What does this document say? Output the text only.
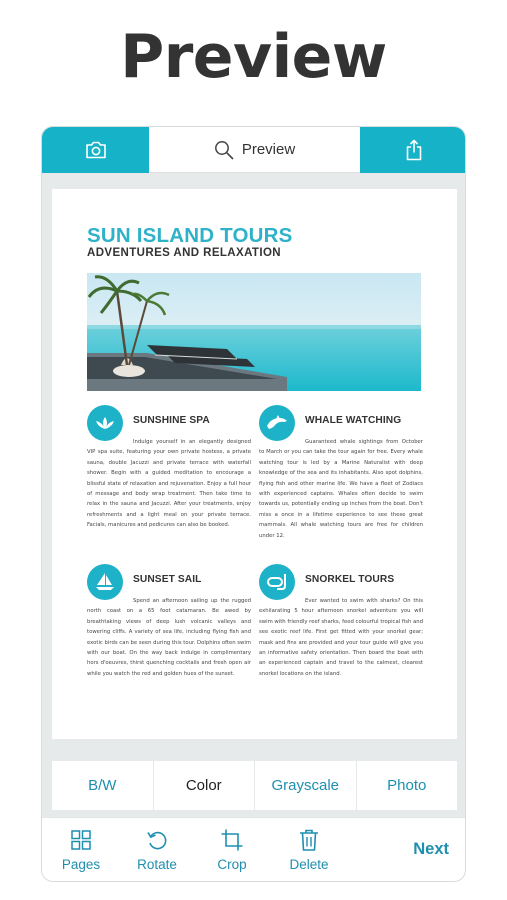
Preview
Preview
SUN ISLAND TOURS
ADVENTURES AND RELAXATION
SUNSHINE SPA
Indulge yourself in an elegantly designed VIP spa suite, featuring your own private hostess, a private sauna, double Jacuzzi and private terrace with waterfall shower. Begin with a guided meditation to encourage a blissful state of relaxation and rejuvenation. Enjoy a full hour of message and body wrap treatment. Then take time to relax in the sauna and Jacuzzi. After your treatments, enjoy refreshments and a light meal on your private terrace. Facials, manicures and pedicures can also be booked.
WHALE WATCHING
Guaranteed whale sightings from October to March or you can take the tour again for free. Every whale watching tour is led by a Marine Naturalist with deep knowledge of the sea and its inhabitants. Also spot dolphins, flying fish and other marine life. We have a fleet of Zodiacs with experienced captains. Whales often decide to swim towards us, potentially ending up inches from the boat. Don't miss a once in a lifetime experience to see these great mammals. All whale watching tours are free for children under 12.
SUNSET SAIL
Spend an afternoon sailing up the rugged north coast on a 65 foot catamaran. Be awed by breathtaking views of deep lush volcanic valleys and towering cliffs. A variety of sea life, including flying fish and exotic birds can be seen during this tour. Dolphins often swim with our boat. On the way back indulge in complimentary hors d'oeuvres, thirst quenching cocktails and fresh open air while you watch the red and golden hues of the sunset.
SNORKEL TOURS
Ever wanted to swim with sharks? On this exhilarating 5 hour afternoon snorkel adventure you will swim with friendly reef sharks, feed colourful tropical fish and see exotic reef life. First get fitted with your snorkel gear; mask and fins are provided and your tour guide will give you an informative safety orientation. Then board the boat with an experienced captain and travel to the calmest, clearest snorkel locations on the island.
B/W	Color	Grayscale	Photo
Pages	Rotate	Crop	Delete
Next
